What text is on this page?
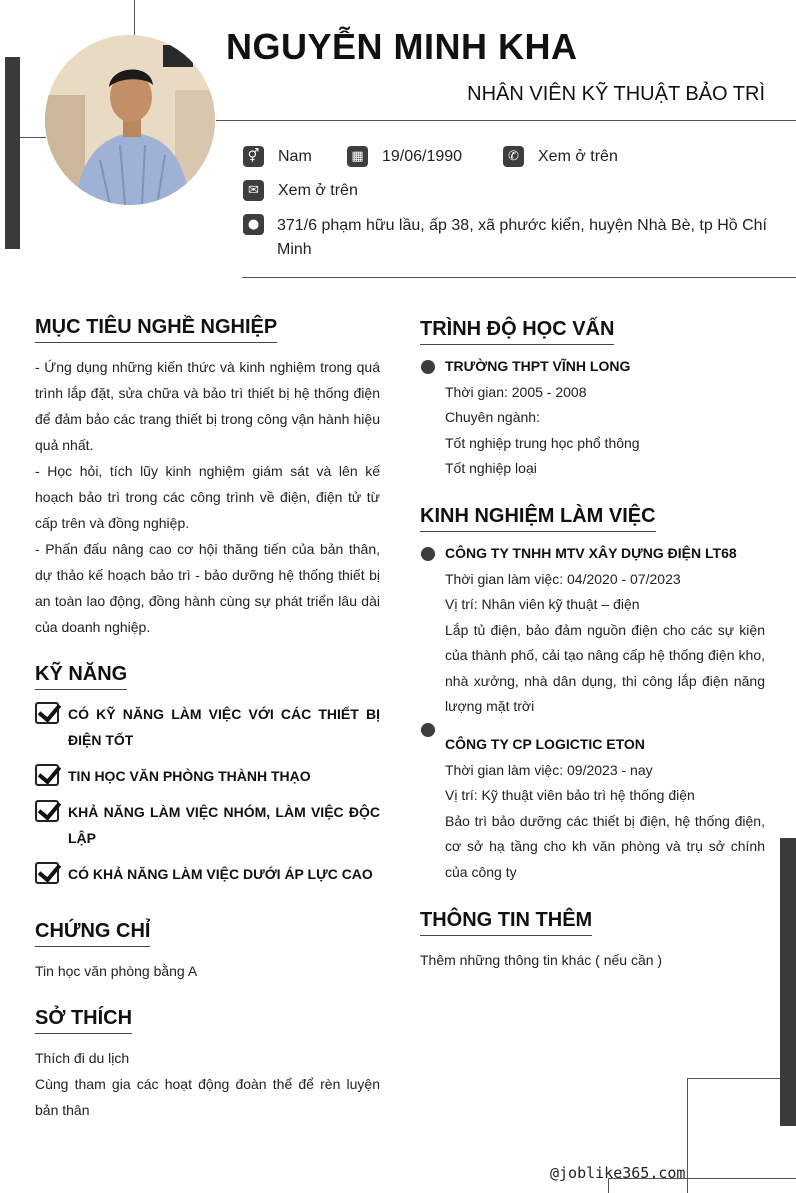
NGUYỄN MINH KHA
NHÂN VIÊN KỸ THUẬT BẢO TRÌ
⚥ Nam	▦ 19/06/1990	✆	Xem ở trên
✉	Xem ở trên
●	371/6 phạm hữu lầu, ấp 38, xã phước kiển, huyện Nhà Bè, tp Hồ Chí Minh
MỤC TIÊU NGHỀ NGHIỆP

- Ứng dụng những kiến thức và kinh nghiệm trong quá trình lắp đặt, sửa chữa và bảo trì thiết bị hệ thống điện để đảm bảo các trang thiết bị trong công vận hành hiệu quả nhất.

- Học hỏi, tích lũy kinh nghiệm giám sát và lên kế hoạch bảo trì trong các công trình về điện, điện tử từ cấp trên và đồng nghiệp.

- Phấn đấu nâng cao cơ hội thăng tiến của bản thân, dự thảo kế hoạch bảo trì - bảo dưỡng hệ thống thiết bị an toàn lao động, đồng hành cùng sự phát triển lâu dài của doanh nghiệp.

KỸ NĂNG
CÓ KỸ NĂNG LÀM VIỆC VỚI CÁC THIẾT BỊ ĐIỆN TỐT
TIN HỌC VĂN PHÒNG THÀNH THẠO
KHẢ NĂNG LÀM VIỆC NHÓM, LÀM VIỆC ĐỘC LẬP
CÓ KHẢ NĂNG LÀM VIỆC DƯỚI ÁP LỰC CAO
CHỨNG CHỈ
Tin học văn phòng bằng A
SỞ THÍCH

Thích đi du lịch

Cùng tham gia các hoạt động đoàn thể để rèn luyện bản thân

TRÌNH ĐỘ HỌC VẤN

TRƯỜNG THPT VĨNH LONG

Thời gian: 2005 - 2008

Chuyên ngành:

Tốt nghiệp trung học phổ thông

Tốt nghiệp loại

KINH NGHIỆM LÀM VIỆC

CÔNG TY TNHH MTV XÂY DỰNG ĐIỆN LT68

Thời gian làm việc: 04/2020 - 07/2023

Vị trí: Nhân viên kỹ thuật – điện

Lắp tủ điện, bảo đảm nguồn điện cho các sự kiện của thành phố, cải tạo nâng cấp hệ thống điện kho, nhà xưởng, nhà dân dụng, thi công lắp điện năng lượng mặt trời

CÔNG TY CP LOGICTIC ETON

Thời gian làm việc: 09/2023 - nay

Vị trí: Kỹ thuật viên bảo trì hệ thống điện

Bảo trì bảo dưỡng các thiết bị điện, hệ thống điện, cơ sở hạ tầng cho kh văn phòng và trụ sở chính của công ty

THÔNG TIN THÊM
Thêm những thông tin khác ( nếu cần )
@joblike365.com
